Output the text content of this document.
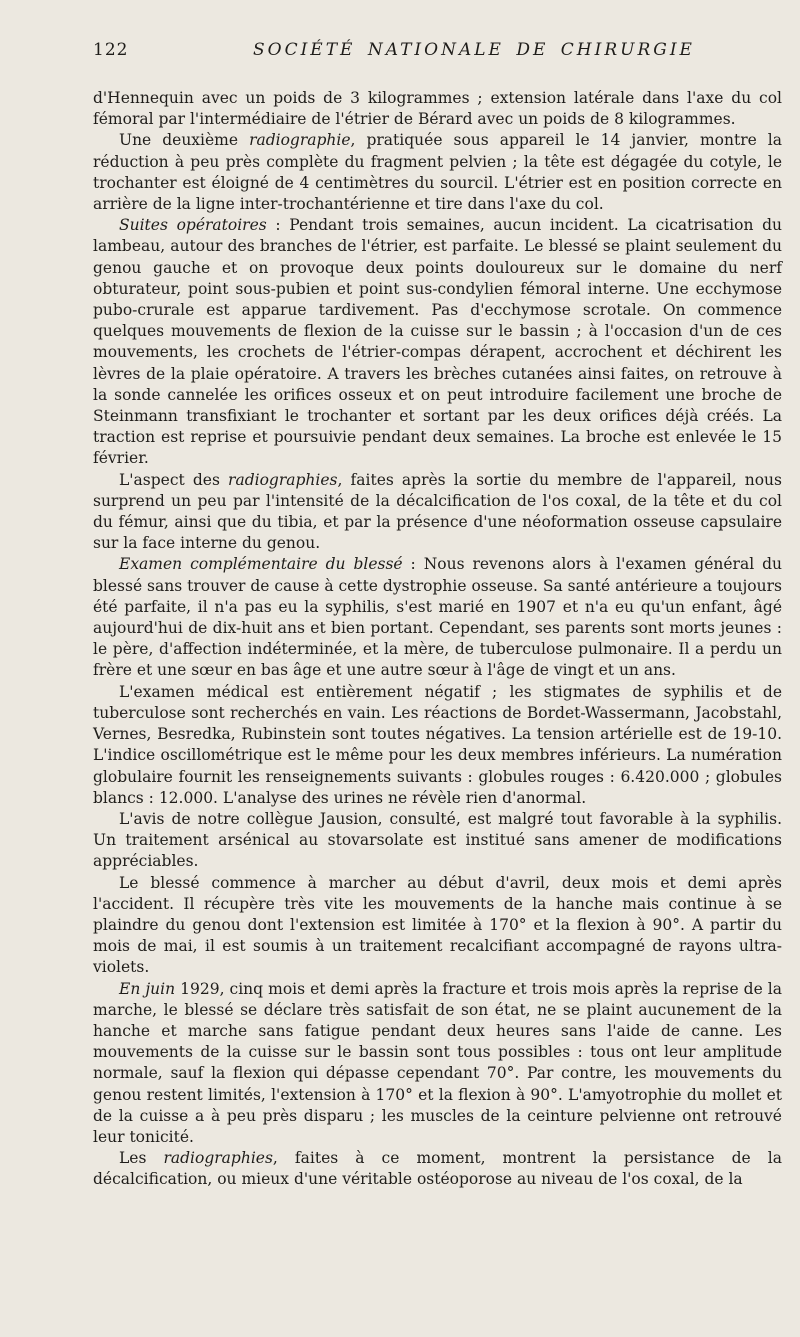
122	SOCIÉTÉ NATIONALE DE CHIRURGIE

d'Hennequin avec un poids de 3 kilogrammes ; extension latérale dans l'axe du col fémoral par l'intermédiaire de l'étrier de Bérard avec un poids de 8 kilogrammes.

Une deuxième radiographie, pratiquée sous appareil le 14 janvier, montre la réduction à peu près complète du fragment pelvien ; la tête est dégagée du cotyle, le trochanter est éloigné de 4 centimètres du sourcil. L'étrier est en position correcte en arrière de la ligne inter-trochantérienne et tire dans l'axe du col.

Suites opératoires : Pendant trois semaines, aucun incident. La cicatrisation du lambeau, autour des branches de l'étrier, est parfaite. Le blessé se plaint seulement du genou gauche et on provoque deux points douloureux sur le domaine du nerf obturateur, point sous-pubien et point sus-condylien fémoral interne. Une ecchymose pubo-crurale est apparue tardivement. Pas d'ecchymose scrotale. On commence quelques mouvements de flexion de la cuisse sur le bassin ; à l'occasion d'un de ces mouvements, les crochets de l'étrier-compas dérapent, accrochent et déchirent les lèvres de la plaie opératoire. A travers les brèches cutanées ainsi faites, on retrouve à la sonde cannelée les orifices osseux et on peut introduire facilement une broche de Steinmann transfixiant le trochanter et sortant par les deux orifices déjà créés. La traction est reprise et poursuivie pendant deux semaines. La broche est enlevée le 15 février.

L'aspect des radiographies, faites après la sortie du membre de l'appareil, nous surprend un peu par l'intensité de la décalcification de l'os coxal, de la tête et du col du fémur, ainsi que du tibia, et par la présence d'une néoformation osseuse capsulaire sur la face interne du genou.

Examen complémentaire du blessé : Nous revenons alors à l'examen général du blessé sans trouver de cause à cette dystrophie osseuse. Sa santé antérieure a toujours été parfaite, il n'a pas eu la syphilis, s'est marié en 1907 et n'a eu qu'un enfant, âgé aujourd'hui de dix-huit ans et bien portant. Cependant, ses parents sont morts jeunes : le père, d'affection indéterminée, et la mère, de tuberculose pulmonaire. Il a perdu un frère et une sœur en bas âge et une autre sœur à l'âge de vingt et un ans.

L'examen médical est entièrement négatif ; les stigmates de syphilis et de tuberculose sont recherchés en vain. Les réactions de Bordet-Wassermann, Jacobstahl, Vernes, Besredka, Rubinstein sont toutes négatives. La tension artérielle est de 19-10. L'indice oscillométrique est le même pour les deux membres inférieurs. La numération globulaire fournit les renseignements suivants : globules rouges : 6.420.000 ; globules blancs : 12.000. L'analyse des urines ne révèle rien d'anormal.

L'avis de notre collègue Jausion, consulté, est malgré tout favorable à la syphilis. Un traitement arsénical au stovarsolate est institué sans amener de modifications appréciables.

Le blessé commence à marcher au début d'avril, deux mois et demi après l'accident. Il récupère très vite les mouvements de la hanche mais continue à se plaindre du genou dont l'extension est limitée à 170° et la flexion à 90°. A partir du mois de mai, il est soumis à un traitement recalcifiant accompagné de rayons ultra-violets.

En juin 1929, cinq mois et demi après la fracture et trois mois après la reprise de la marche, le blessé se déclare très satisfait de son état, ne se plaint aucunement de la hanche et marche sans fatigue pendant deux heures sans l'aide de canne. Les mouvements de la cuisse sur le bassin sont tous possibles : tous ont leur amplitude normale, sauf la flexion qui dépasse cependant 70°. Par contre, les mouvements du genou restent limités, l'extension à 170° et la flexion à 90°. L'amyotrophie du mollet et de la cuisse a à peu près disparu ; les muscles de la ceinture pelvienne ont retrouvé leur tonicité.

Les radiographies, faites à ce moment, montrent la persistance de la décalcification, ou mieux d'une véritable ostéoporose au niveau de l'os coxal, de la
